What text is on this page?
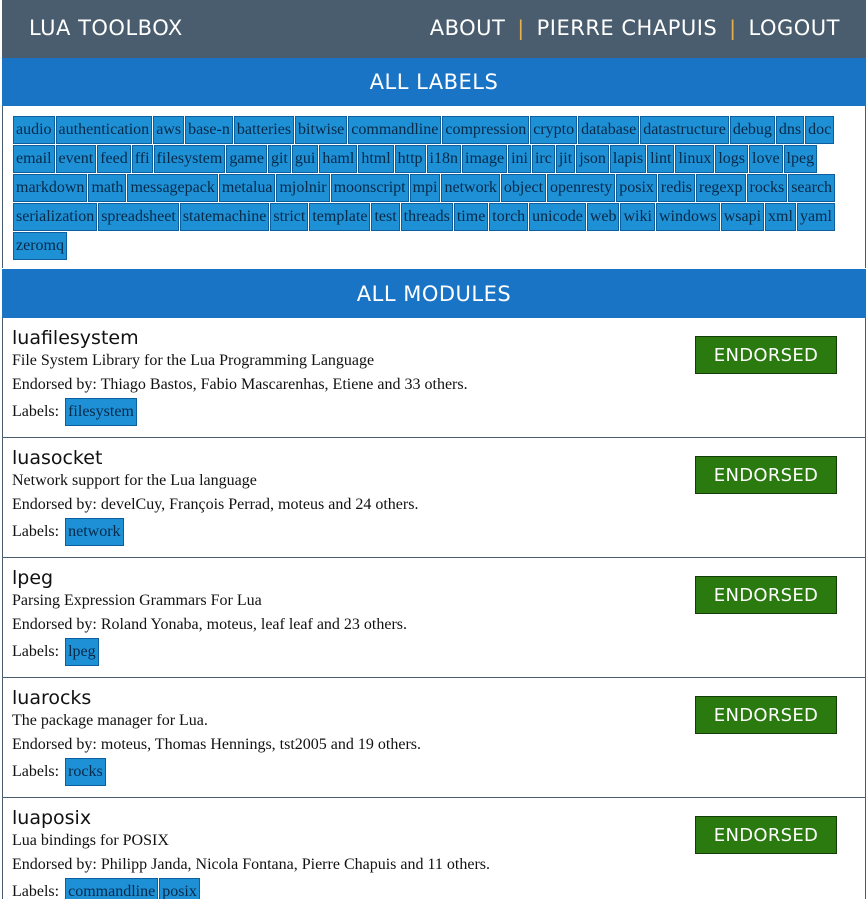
LUA TOOLBOX	ABOUT | PIERRE CHAPUIS | LOGOUT
ALL LABELS
audio authentication aws base-n batteries bitwise commandline compression crypto database datastructure debug dns docemail event feed ffi filesystem game git gui haml html http i18n image ini irc jit json lapis lint linux logs love lpegmarkdown math messagepack metalua mjolnir moonscript mpi network object openresty posix redis regexp rocks searchserialization spreadsheet statemachine strict template test threads time torch unicode web wiki windows wsapi xml yamlzeromq
ALL MODULES
luafilesystem
File System Library for the Lua Programming Language
Endorsed by: Thiago Bastos, Fabio Mascarenhas, Etiene and 33 others.
Labels: filesystem
ENDORSED
luasocket
Network support for the Lua language
Endorsed by: develCuy, François Perrad, moteus and 24 others.
Labels: network
ENDORSED
lpeg
Parsing Expression Grammars For Lua
Endorsed by: Roland Yonaba, moteus, leaf leaf and 23 others.
Labels: lpeg
ENDORSED
luarocks
The package manager for Lua.
Endorsed by: moteus, Thomas Hennings, tst2005 and 19 others.
Labels: rocks
ENDORSED
luaposix
Lua bindings for POSIX
Endorsed by: Philipp Janda, Nicola Fontana, Pierre Chapuis and 11 others.
Labels: commandline posix
ENDORSED
